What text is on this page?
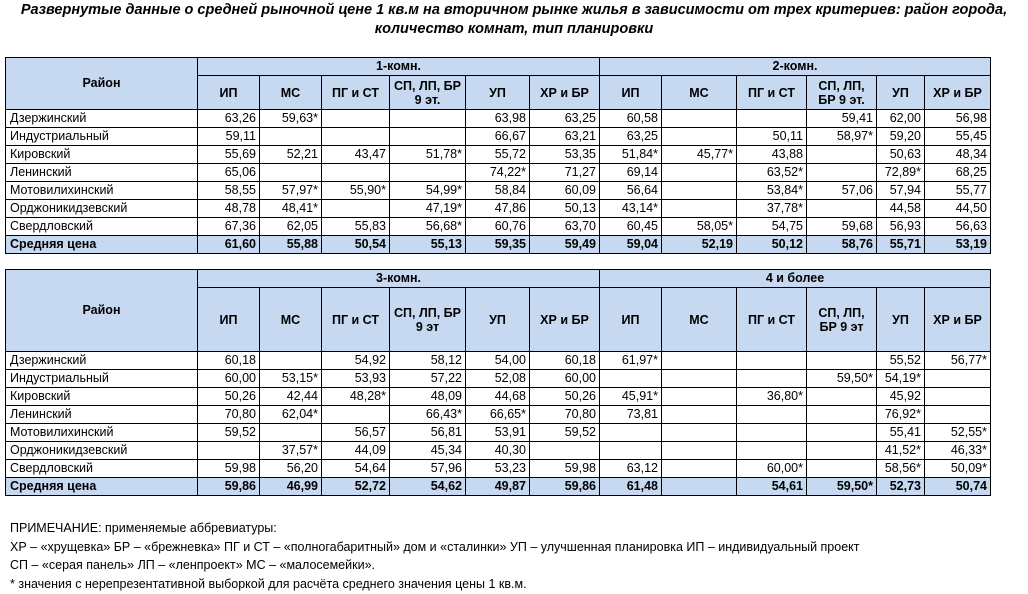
Развернутые данные о средней рыночной цене 1 кв.м на вторичном рынке жилья в зависимости от трех критериев: район города, количество комнат, тип планировки
Район	1-комн.						2-комн.					
	ИП	МС	ПГ и СТ	СП, ЛП, БР 9 эт.	УП	ХР и БР	ИП	МС	ПГ и СТ	СП, ЛП, БР 9 эт.	УП	ХР и БР
Дзержинский	63,26	59,63*			63,98	63,25	60,58			59,41	62,00	56,98
Индустриальный	59,11				66,67	63,21	63,25		50,11	58,97*	59,20	55,45
Кировский	55,69	52,21	43,47	51,78*	55,72	53,35	51,84*	45,77*	43,88		50,63	48,34
Ленинский	65,06				74,22*	71,27	69,14		63,52*		72,89*	68,25
Мотовилихинский	58,55	57,97*	55,90*	54,99*	58,84	60,09	56,64		53,84*	57,06	57,94	55,77
Орджоникидзевский	48,78	48,41*		47,19*	47,86	50,13	43,14*		37,78*		44,58	44,50
Свердловский	67,36	62,05	55,83	56,68*	60,76	63,70	60,45	58,05*	54,75	59,68	56,93	56,63
Средняя цена	61,60	55,88	50,54	55,13	59,35	59,49	59,04	52,19	50,12	58,76	55,71	53,19
Район	3-комн.						4 и более					
	ИП	МС	ПГ и СТ	СП, ЛП, БР 9 эт	УП	ХР и БР	ИП	МС	ПГ и СТ	СП, ЛП, БР 9 эт	УП	ХР и БР
Дзержинский	60,18		54,92	58,12	54,00	60,18	61,97*				55,52	56,77*
Индустриальный	60,00	53,15*	53,93	57,22	52,08	60,00				59,50*	54,19*	
Кировский	50,26	42,44	48,28*	48,09	44,68	50,26	45,91*		36,80*		45,92	
Ленинский	70,80	62,04*		66,43*	66,65*	70,80	73,81				76,92*	
Мотовилихинский	59,52		56,57	56,81	53,91	59,52					55,41	52,55*
Орджоникидзевский		37,57*	44,09	45,34	40,30						41,52*	46,33*
Свердловский	59,98	56,20	54,64	57,96	53,23	59,98	63,12		60,00*		58,56*	50,09*
Средняя цена	59,86	46,99	52,72	54,62	49,87	59,86	61,48		54,61	59,50*	52,73	50,74
ПРИМЕЧАНИЕ: применяемые аббревиатуры:
ХР – «хрущевка» БР – «брежневка» ПГ и СТ – «полногабаритный» дом и «сталинки» УП – улучшенная планировка ИП – индивидуальный проект
СП – «серая панель» ЛП – «ленпроект» МС – «малосемейки».
* значения с нерепрезентативной выборкой для расчёта среднего значения цены 1 кв.м.
